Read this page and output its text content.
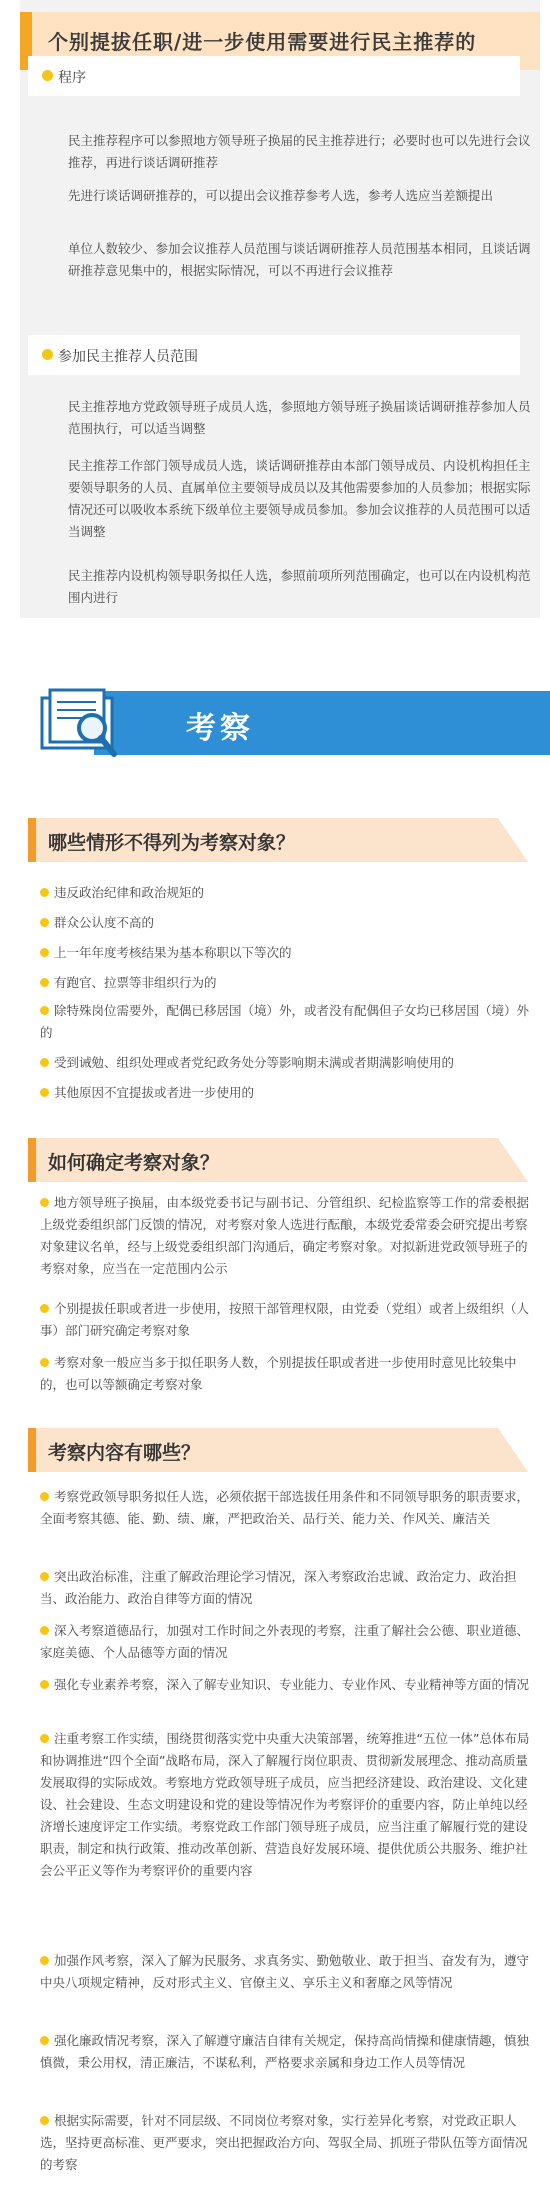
个别提拔任职/进一步使用需要进行民主推荐的
程序
民主推荐程序可以参照地方领导班子换届的民主推荐进行；必要时也可以先进行会议推荐，再进行谈话调研推荐
先进行谈话调研推荐的，可以提出会议推荐参考人选，参考人选应当差额提出
单位人数较少、参加会议推荐人员范围与谈话调研推荐人员范围基本相同，且谈话调研推荐意见集中的，根据实际情况，可以不再进行会议推荐
参加民主推荐人员范围
民主推荐地方党政领导班子成员人选，参照地方领导班子换届谈话调研推荐参加人员范围执行，可以适当调整
民主推荐工作部门领导成员人选，谈话调研推荐由本部门领导成员、内设机构担任主要领导职务的人员、直属单位主要领导成员以及其他需要参加的人员参加；根据实际情况还可以吸收本系统下级单位主要领导成员参加。参加会议推荐的人员范围可以适当调整
民主推荐内设机构领导职务拟任人选，参照前项所列范围确定，也可以在内设机构范围内进行
考察
哪些情形不得列为考察对象？
违反政治纪律和政治规矩的
群众公认度不高的
上一年年度考核结果为基本称职以下等次的
有跑官、拉票等非组织行为的
除特殊岗位需要外，配偶已移居国（境）外，或者没有配偶但子女均已移居国（境）外的
受到诫勉、组织处理或者党纪政务处分等影响期未满或者期满影响使用的
其他原因不宜提拔或者进一步使用的
如何确定考察对象？
地方领导班子换届，由本级党委书记与副书记、分管组织、纪检监察等工作的常委根据上级党委组织部门反馈的情况，对考察对象人选进行酝酿，本级党委常委会研究提出考察对象建议名单，经与上级党委组织部门沟通后，确定考察对象。对拟新进党政领导班子的考察对象，应当在一定范围内公示
个别提拔任职或者进一步使用，按照干部管理权限，由党委（党组）或者上级组织（人事）部门研究确定考察对象
考察对象一般应当多于拟任职务人数，个别提拔任职或者进一步使用时意见比较集中的，也可以等额确定考察对象
考察内容有哪些？
考察党政领导职务拟任人选，必须依据干部选拔任用条件和不同领导职务的职责要求，全面考察其德、能、勤、绩、廉，严把政治关、品行关、能力关、作风关、廉洁关
突出政治标准，注重了解政治理论学习情况，深入考察政治忠诚、政治定力、政治担当、政治能力、政治自律等方面的情况
深入考察道德品行，加强对工作时间之外表现的考察，注重了解社会公德、职业道德、家庭美德、个人品德等方面的情况
强化专业素养考察，深入了解专业知识、专业能力、专业作风、专业精神等方面的情况
注重考察工作实绩，围绕贯彻落实党中央重大决策部署，统筹推进“五位一体”总体布局和协调推进“四个全面”战略布局，深入了解履行岗位职责、贯彻新发展理念、推动高质量发展取得的实际成效。考察地方党政领导班子成员，应当把经济建设、政治建设、文化建设、社会建设、生态文明建设和党的建设等情况作为考察评价的重要内容，防止单纯以经济增长速度评定工作实绩。考察党政工作部门领导班子成员，应当注重了解履行党的建设职责，制定和执行政策、推动改革创新、营造良好发展环境、提供优质公共服务、维护社会公平正义等作为考察评价的重要内容
加强作风考察，深入了解为民服务、求真务实、勤勉敬业、敢于担当、奋发有为，遵守中央八项规定精神，反对形式主义、官僚主义、享乐主义和奢靡之风等情况
强化廉政情况考察，深入了解遵守廉洁自律有关规定，保持高尚情操和健康情趣，慎独慎微，秉公用权，清正廉洁，不谋私利，严格要求亲属和身边工作人员等情况
根据实际需要，针对不同层级、不同岗位考察对象，实行差异化考察，对党政正职人选，坚持更高标准、更严要求，突出把握政治方向、驾驭全局、抓班子带队伍等方面情况的考察
